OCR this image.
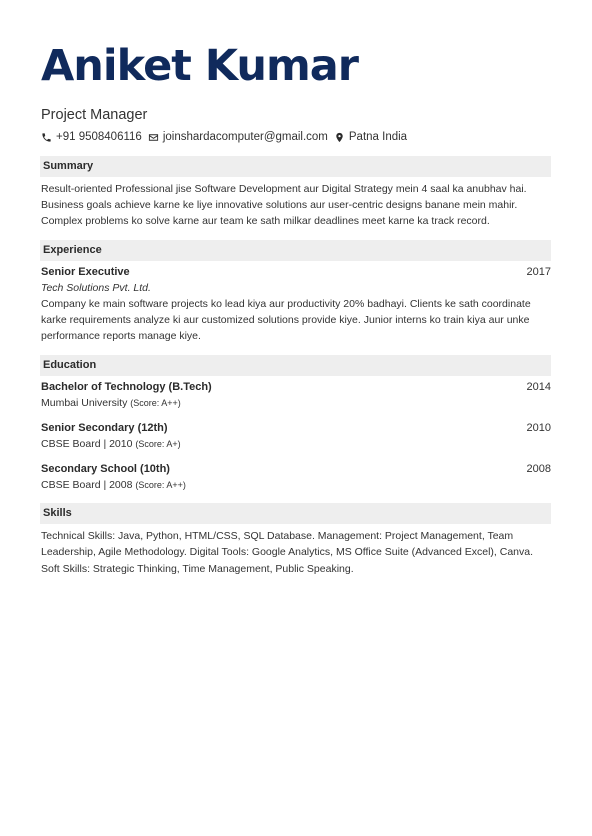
Aniket Kumar
Project Manager
+91 9508406116 joinshardacomputer@gmail.com Patna India
Summary
Result-oriented Professional jise Software Development aur Digital Strategy mein 4 saal ka anubhav hai. Business goals achieve karne ke liye innovative solutions aur user-centric designs banane mein mahir. Complex problems ko solve karne aur team ke sath milkar deadlines meet karne ka track record.
Experience
Senior Executive	2017
Tech Solutions Pvt. Ltd.
Company ke main software projects ko lead kiya aur productivity 20% badhayi. Clients ke sath coordinate karke requirements analyze ki aur customized solutions provide kiye. Junior interns ko train kiya aur unke performance reports manage kiye.
Education
Bachelor of Technology (B.Tech)	2014
Mumbai University (Score: A++)
Senior Secondary (12th)	2010
CBSE Board | 2010 (Score: A+)
Secondary School (10th)	2008
CBSE Board | 2008 (Score: A++)
Skills
Technical Skills: Java, Python, HTML/CSS, SQL Database. Management: Project Management, Team Leadership, Agile Methodology. Digital Tools: Google Analytics, MS Office Suite (Advanced Excel), Canva. Soft Skills: Strategic Thinking, Time Management, Public Speaking.
